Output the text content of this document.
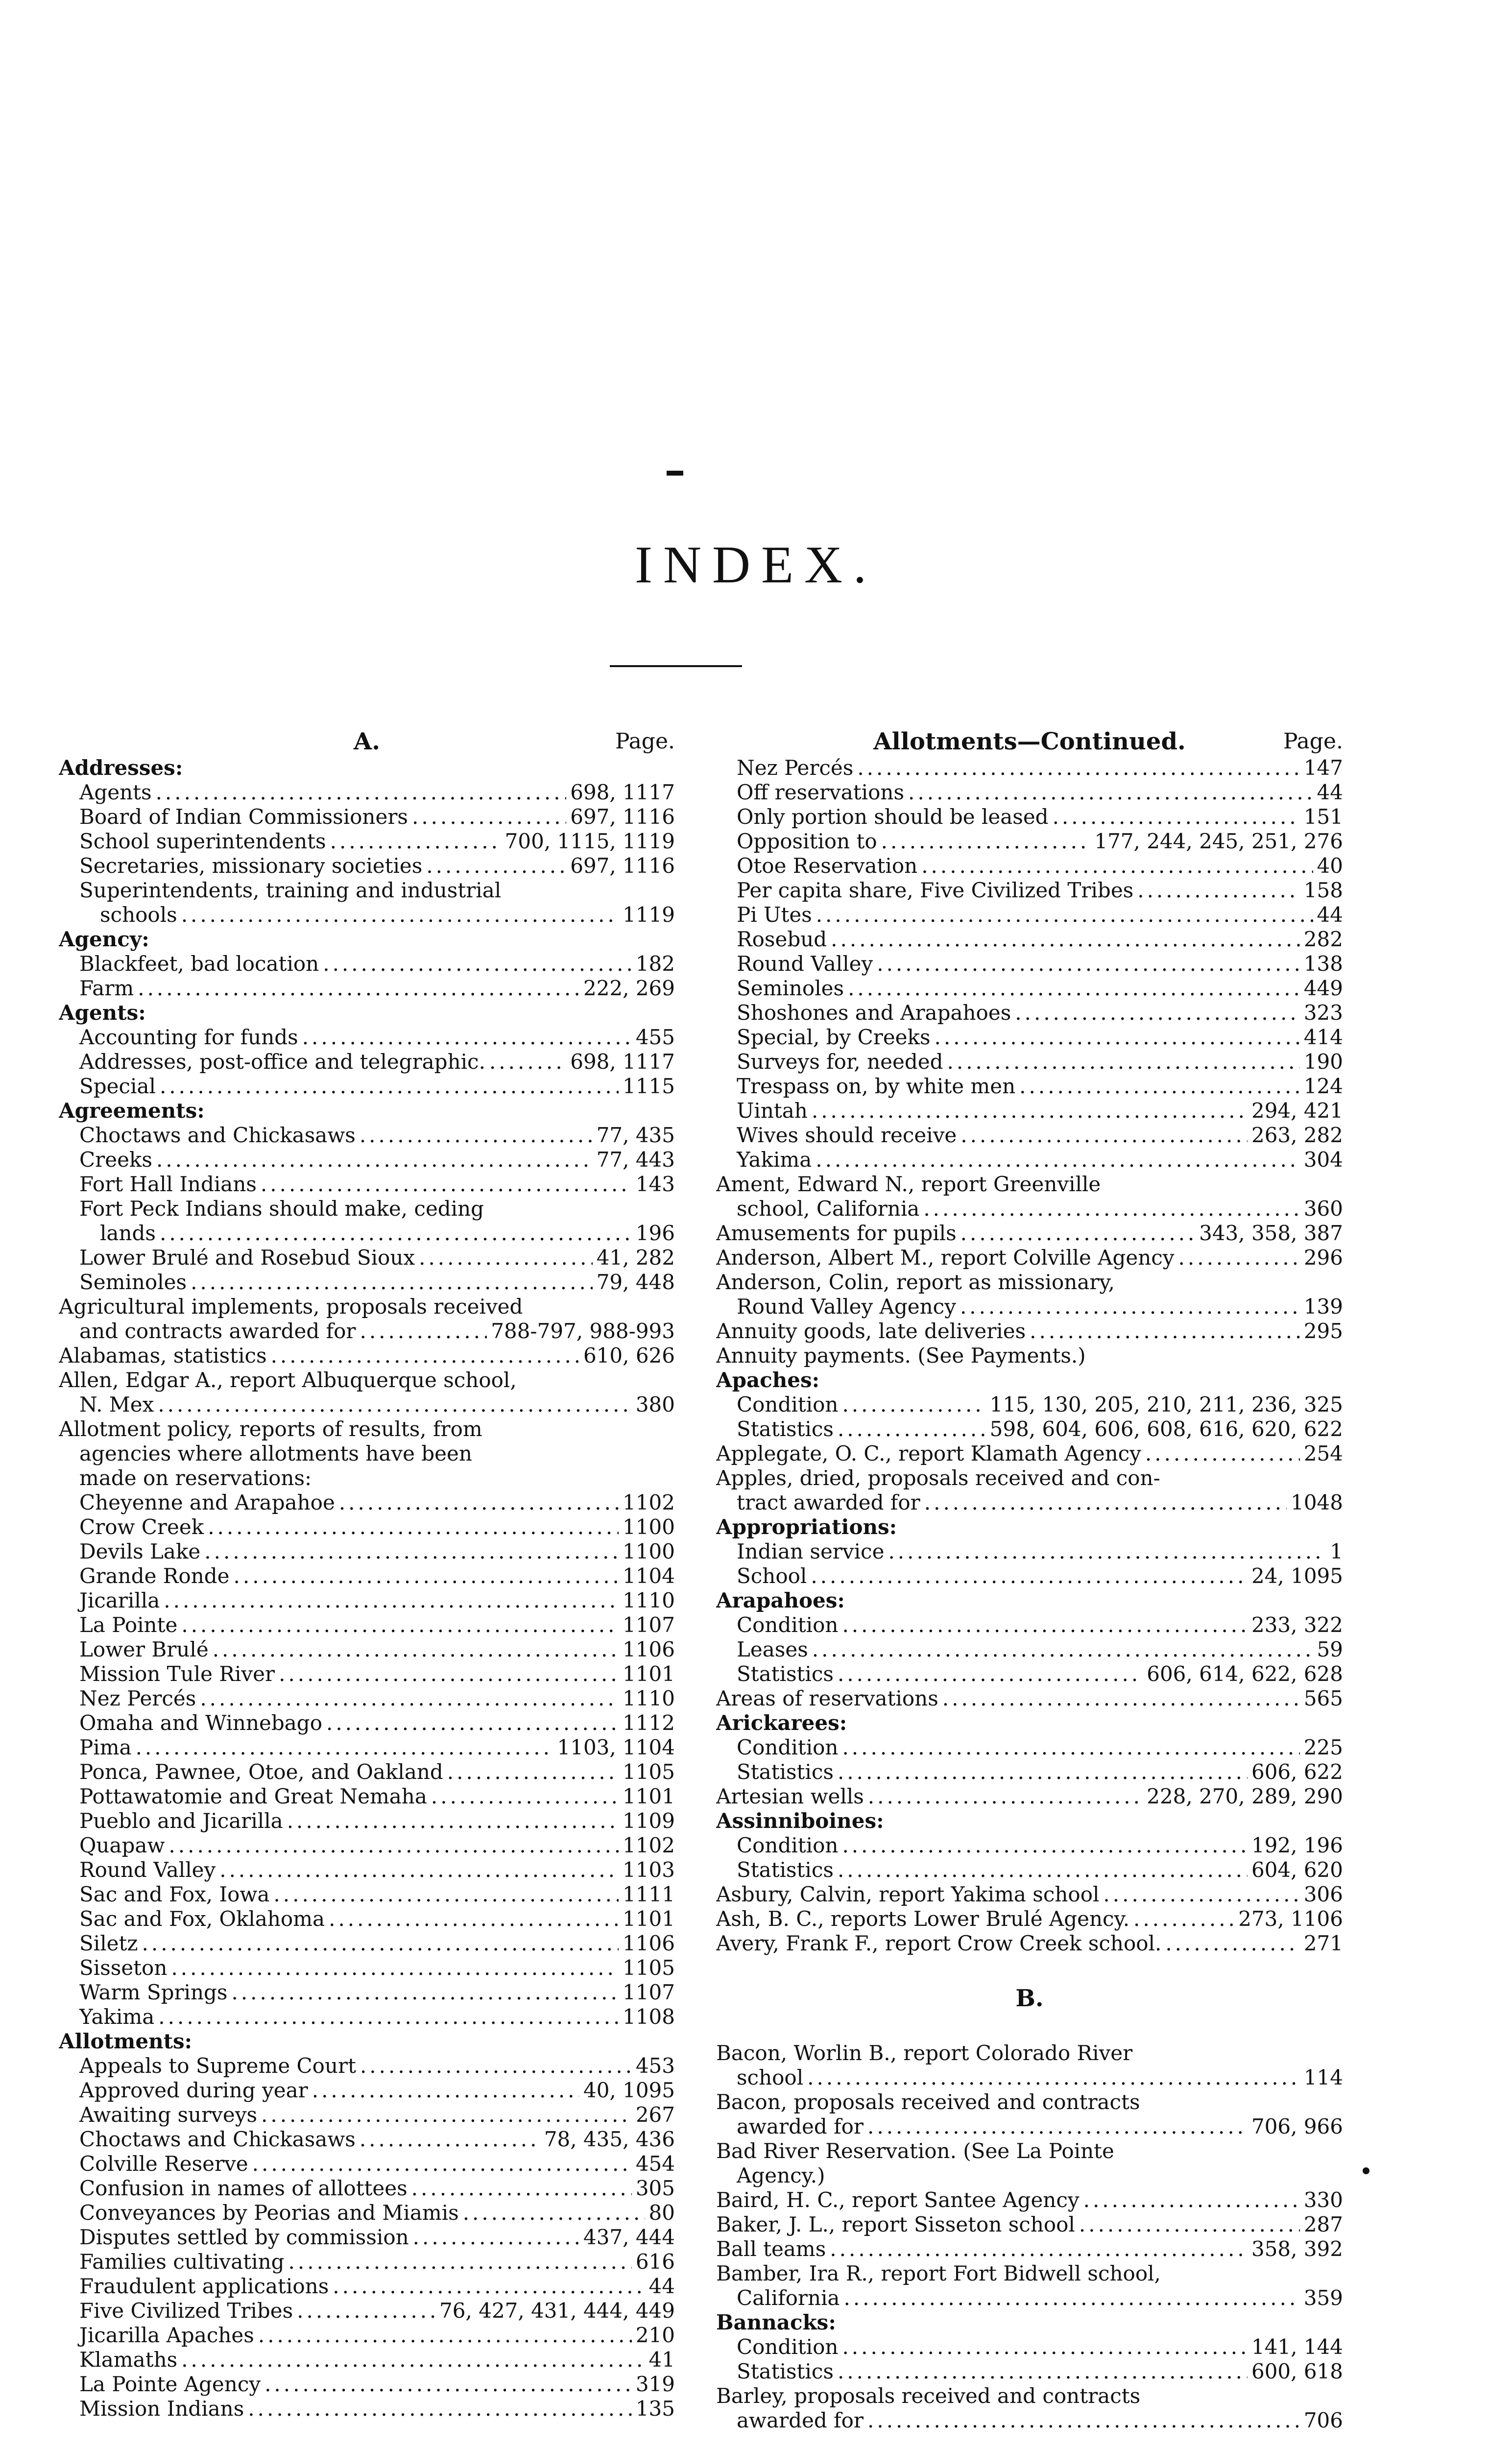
INDEX.
A.	Page.
Addresses:
Agents .....	698, 1117
Board of Indian Commissioners .....	697, 1116
School superintendents .....	700, 1115, 1119
Secretaries, missionary societies .....	697, 1116
Superintendents, training and industrial
schools .....	1119
Agency:
Blackfeet, bad location .....	182
Farm .....	222, 269
Agents:
Accounting for funds .....	455
Addresses, post-office and telegraphic. .....	698, 1117
Special .....	1115
Agreements:
Choctaws and Chickasaws .....	77, 435
Creeks .....	77, 443
Fort Hall Indians .....	143
Fort Peck Indians should make, ceding
lands .....	196
Lower Brulé and Rosebud Sioux .....	41, 282
Seminoles .....	79, 448
Agricultural implements, proposals received
and contracts awarded for .....	788-797, 988-993
Alabamas, statistics .....	610, 626
Allen, Edgar A., report Albuquerque school,
N. Mex .....	380
Allotment policy, reports of results, from
agencies where allotments have been
made on reservations:
Cheyenne and Arapahoe .....	1102
Crow Creek .....	1100
Devils Lake .....	1100
Grande Ronde .....	1104
Jicarilla .....	1110
La Pointe .....	1107
Lower Brulé .....	1106
Mission Tule River .....	1101
Nez Percés .....	1110
Omaha and Winnebago .....	1112
Pima .....	1103, 1104
Ponca, Pawnee, Otoe, and Oakland .....	1105
Pottawatomie and Great Nemaha .....	1101
Pueblo and Jicarilla .....	1109
Quapaw .....	1102
Round Valley .....	1103
Sac and Fox, Iowa .....	1111
Sac and Fox, Oklahoma .....	1101
Siletz .....	1106
Sisseton .....	1105
Warm Springs .....	1107
Yakima .....	1108
Allotments:
Appeals to Supreme Court .....	453
Approved during year .....	40, 1095
Awaiting surveys .....	267
Choctaws and Chickasaws .....	78, 435, 436
Colville Reserve .....	454
Confusion in names of allottees .....	305
Conveyances by Peorias and Miamis .....	80
Disputes settled by commission .....	437, 444
Families cultivating .....	616
Fraudulent applications .....	44
Five Civilized Tribes .....	76, 427, 431, 444, 449
Jicarilla Apaches .....	210
Klamaths .....	41
La Pointe Agency .....	319
Mission Indians .....	135
Allotments—Continued.	Page.
Nez Percés .....	147
Off reservations .....	44
Only portion should be leased .....	151
Opposition to .....	177, 244, 245, 251, 276
Otoe Reservation .....	40
Per capita share, Five Civilized Tribes .....	158
Pi Utes .....	44
Rosebud .....	282
Round Valley .....	138
Seminoles .....	449
Shoshones and Arapahoes .....	323
Special, by Creeks .....	414
Surveys for, needed .....	190
Trespass on, by white men .....	124
Uintah .....	294, 421
Wives should receive .....	263, 282
Yakima .....	304
Ament, Edward N., report Greenville
school, California .....	360
Amusements for pupils .....	343, 358, 387
Anderson, Albert M., report Colville Agency .....	296
Anderson, Colin, report as missionary,
Round Valley Agency .....	139
Annuity goods, late deliveries .....	295
Annuity payments. (See Payments.)
Apaches:
Condition .....	115, 130, 205, 210, 211, 236, 325
Statistics .....	598, 604, 606, 608, 616, 620, 622
Applegate, O. C., report Klamath Agency .....	254
Apples, dried, proposals received and con-
tract awarded for .....	1048
Appropriations:
Indian service .....	1
School .....	24, 1095
Arapahoes:
Condition .....	233, 322
Leases .....	59
Statistics .....	606, 614, 622, 628
Areas of reservations .....	565
Arickarees:
Condition .....	225
Statistics .....	606, 622
Artesian wells .....	228, 270, 289, 290
Assinniboines:
Condition .....	192, 196
Statistics .....	604, 620
Asbury, Calvin, report Yakima school .....	306
Ash, B. C., reports Lower Brulé Agency. .....	273, 1106
Avery, Frank F., report Crow Creek school. .....	271
B.
Bacon, Worlin B., report Colorado River
school .....	114
Bacon, proposals received and contracts
awarded for .....	706, 966
Bad River Reservation. (See La Pointe
Agency.)
Baird, H. C., report Santee Agency .....	330
Baker, J. L., report Sisseton school .....	287
Ball teams .....	358, 392
Bamber, Ira R., report Fort Bidwell school,
California .....	359
Bannacks:
Condition .....	141, 144
Statistics .....	600, 618
Barley, proposals received and contracts
awarded for .....	706
